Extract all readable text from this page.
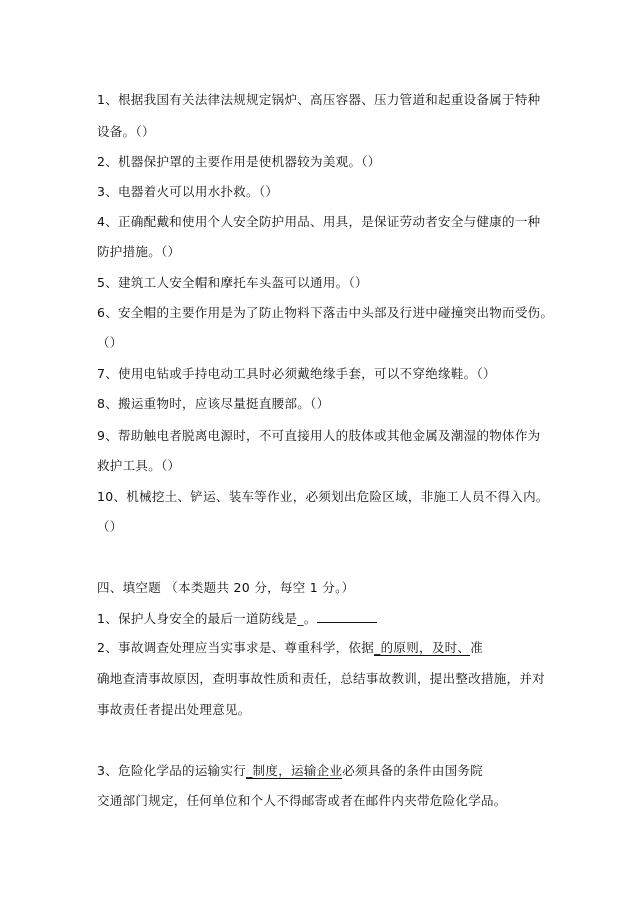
1、根据我国有关法律法规规定锅炉、高压容器、压力管道和起重设备属于特种
设备。（）
2、机器保护罩的主要作用是使机器较为美观。（）
3、电器着火可以用水扑救。（）
4、正确配戴和使用个人安全防护用品、用具，是保证劳动者安全与健康的一种
防护措施。（）
5、建筑工人安全帽和摩托车头盔可以通用。（）
6、安全帽的主要作用是为了防止物料下落击中头部及行进中碰撞突出物而受伤。
（）
7、使用电钻或手持电动工具时必须戴绝缘手套，可以不穿绝缘鞋。（）
8、搬运重物时，应该尽量挺直腰部。（）
9、帮助触电者脱离电源时，不可直接用人的肢体或其他金属及潮湿的物体作为
救护工具。（）
10、机械挖土、铲运、装车等作业，必须划出危险区域，非施工人员不得入内。
（）
四、填空题 （本类题共 20 分，每空 1 分。）
1、保护人身安全的最后一道防线是_。
2、事故调查处理应当实事求是、尊重科学，依据_的原则，及时、准
确地查清事故原因，查明事故性质和责任，总结事故教训，提出整改措施，并对
事故责任者提出处理意见。
3、危险化学品的运输实行_制度，运输企业必须具备的条件由国务院
交通部门规定，任何单位和个人不得邮寄或者在邮件内夹带危险化学品。
